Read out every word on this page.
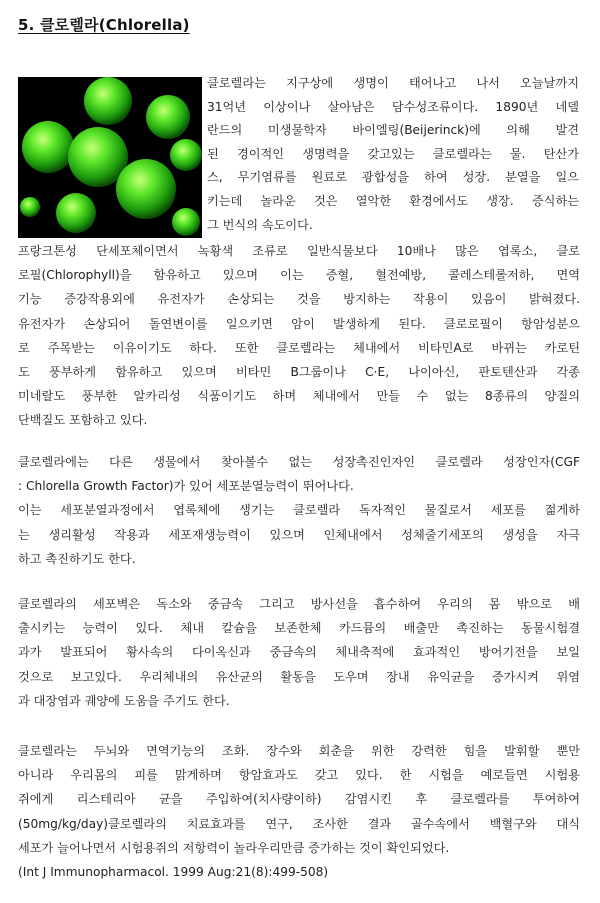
5. 클로렐라(Chlorella)
클로렐라는 지구상에 생명이 태어나고 나서 오늘날까지
31억년 이상이나 살아남은 담수성조류이다. 1890년 네델
란드의 미생물학자 바이엘링(Beijerinck)에 의해 발견
된 경이적인 생명력을 갖고있는 클로렐라는 물. 탄산가
스, 무기염류를 원료로 광합성을 하여 성장. 분열을 일으
키는데 놀라운 것은 열악한 환경에서도 생장. 증식하는
그 번식의 속도이다.
프랑크톤성 단세포체이면서 녹황색 조류로 일반식물보다 10배나 많은 엽록소, 클로
로필(Chlorophyll)을 함유하고 있으며 이는 증혈, 혈전예방, 콜레스테롤저하, 면역
기능 증강작용외에 유전자가 손상되는 것을 방지하는 작용이 있음이 밝혀졌다.
유전자가 손상되어 돌연변이를 일으키면 암이 발생하게 된다. 클로로필이 항암성분으
로 주목받는 이유이기도 하다. 또한 클로렐라는 체내에서 비타민A로 바뀌는 카로틴
도 풍부하게 함유하고 있으며 비타민 B그룹이나 C·E, 나이아신, 판토텐산과 각종
미네랄도 풍부한 알카리성 식품이기도 하며 체내에서 만들 수 없는 8종류의 양질의
단백질도 포함하고 있다.
클로렐라에는 다른 생물에서 찾아볼수 없는 성장촉진인자인 클로렐라 성장인자(CGF
: Chlorella Growth Factor)가 있어 세포분열능력이 뛰어나다.
이는 세포분열과정에서 엽록체에 생기는 클로렐라 독자적인 물질로서 세포를 젊게하
는 생리활성 작용과 세포재생능력이 있으며 인체내에서 성체줄기세포의 생성을 자극
하고 촉진하기도 한다.
클로렐라의 세포벽은 독소와 중금속 그리고 방사선을 흡수하여 우리의 몸 밖으로 배
출시키는 능력이 있다. 체내 칼슘을 보존한체 카드뮴의 배출만 촉진하는 동물시험결
과가 발표되어 황사속의 다이옥신과 중금속의 체내축적에 효과적인 방어기전을 보일
것으로 보고있다. 우리체내의 유산균의 활동을 도우며 장내 유익균을 증가시켜 위염
과 대장염과 궤양에 도움을 주기도 한다.
클로렐라는 두뇌와 면역기능의 조화. 장수와 회춘을 위한 강력한 힘을 발휘할 뿐만
아니라 우리몸의 피를 맑게하며 항암효과도 갖고 있다. 한 시험을 예로들면 시험용
쥐에게 리스테리아 균을 주입하여(치사량이하) 감염시킨 후 클로렐라를 투여하여
(50mg/kg/day)클로렐라의 치료효과를 연구, 조사한 결과 골수속에서 백혈구와 대식
세포가 늘어나면서 시험용쥐의 저항력이 놀라우리만큼 증가하는 것이 확인되었다.
(Int J Immunopharmacol. 1999 Aug:21(8):499-508)
